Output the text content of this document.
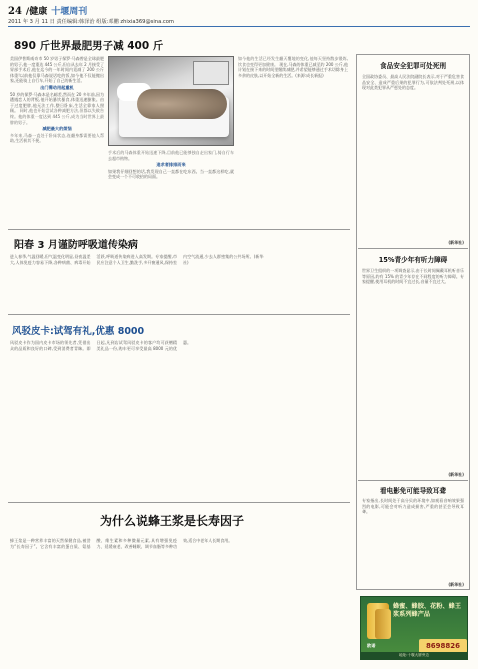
24 /健康 十堰周刊
2011 年 3 月 11 日 责任编辑:韩泽治 组版:邓鹏 zhixia369@sina.com
890 斤世界最肥男子减 400 斤
美国伊普斯威奇市 50 岁男子保罗·马森曾是全球最肥的男子,他一度重达 445 公斤,但自从去年 2 月接受了胃部手术后,他在迄今的一年时间内竟减了 200 公斤体重!以前他仅靠马森说话吃的饭,如今他不仅能搬出家,还能骑上自行车,开始了自己的新生活。
出门需动用起重机
50 岁的保罗·马森本是名邮差,然而在 20 多年前,因为遭遇恋人的背叛,他开始暴饮暴食,体重迅速膨胀。由于过度肥胖,他无法工作,整日卧床,生活全靠家人照顾。 同时,他也开始尝试各种减肥方法,但都以失败告终。他的体重一度达到 445 公斤,成为当时世界上最胖的男子。
减肥最大的烦恼
多年来,马森一直处于卧床状态,连翻身都需要他人帮助,生活极其不便。
手术后的马森体重开始迅速下降,目前他已能够独自走出家门,骑自行车去超市购物。
追求者排排而来
如果我仔细回想的话,我发现自己一直都在吃东西。当一直都这样吃,就会变成一个不可收拾的局面。
如今他的生活已经发生翻天覆地的变化,他每天坚持散步锻炼,饮食也变得更加健康。 现在,马森的体重已减至约 200 公斤,他计划在接下来的时间里继续减肥,并希望能够通过手术切除身上多余的皮肤,以开始全新的生活。(来源:成长新报)
阳春 3 月谨防呼吸道传染病
进入春季,气温回暖,但气温变化明显,昼夜温差大,人体免疫力容易下降,各种病菌、病毒开始活跃,呼吸道传染病进入高发期。专家提醒,市民应注意个人卫生,勤洗手,多开窗通风,保持室内空气流通,少去人群密集的公共场所。(新华社)
风驳皮卡:试驾有礼,优惠 8000
风驳皮卡作为国内皮卡市场的领先者,凭借出众的品质和良好的口碑,受到消费者青睐。即日起,凡到店试驾风驳皮卡的客户均可获赠精美礼品一份,购车更可享受最高 8000 元的优惠。
为什么说蜂王浆是长寿因子
蜂王浆是一种营养丰富的天然保健食品,被誉为“长寿因子”。它含有丰富的蛋白质、氨基酸、维生素和多种微量元素,具有增强免疫力、延缓衰老、改善睡眠、调节血脂等多种功效,适合中老年人长期食用。
食品安全犯罪可处死刑
全国政协委员、最高人民法院副院长表示,对于严重危害食品安全、造成严重后果的犯罪行为,可依法判处死刑,以体现对此类犯罪从严惩处的态度。
(新华社)
15%青少年有听力障碍
世界卫生组织的一项调查显示,由于长时间佩戴耳机听音乐等原因,约有 15% 的青少年存在不同程度的听力障碍。专家提醒,使用耳机的时间不宜过长,音量不宜过大。
(新华社)
看电影免可能导致耳聋
专家指出,长时间处于高分贝的环境中,如观看音响效果强烈的电影,可能会对听力造成损害,严重的甚至会导致耳聋。
(新华社)
蜂蜜、蜂胶、花粉、蜂王浆系列蜂产品
欧诺	8698826
地址:十堰大厦旁边
